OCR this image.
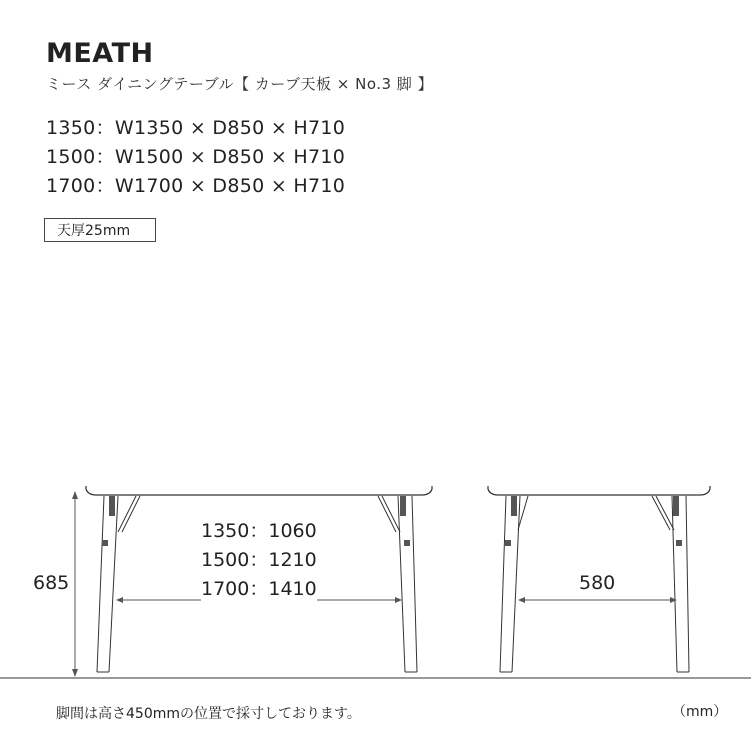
MEATH
ミース ダイニングテーブル【 カーブ天板 × No.3 脚 】
1350：W1350 × D850 × H710
1500：W1500 × D850 × H710
1700：W1700 × D850 × H710
天厚25mm
685
1350：1060
1500：1210
1700：1410	580
脚間は高さ450mmの位置で採寸しております。	（mm）
